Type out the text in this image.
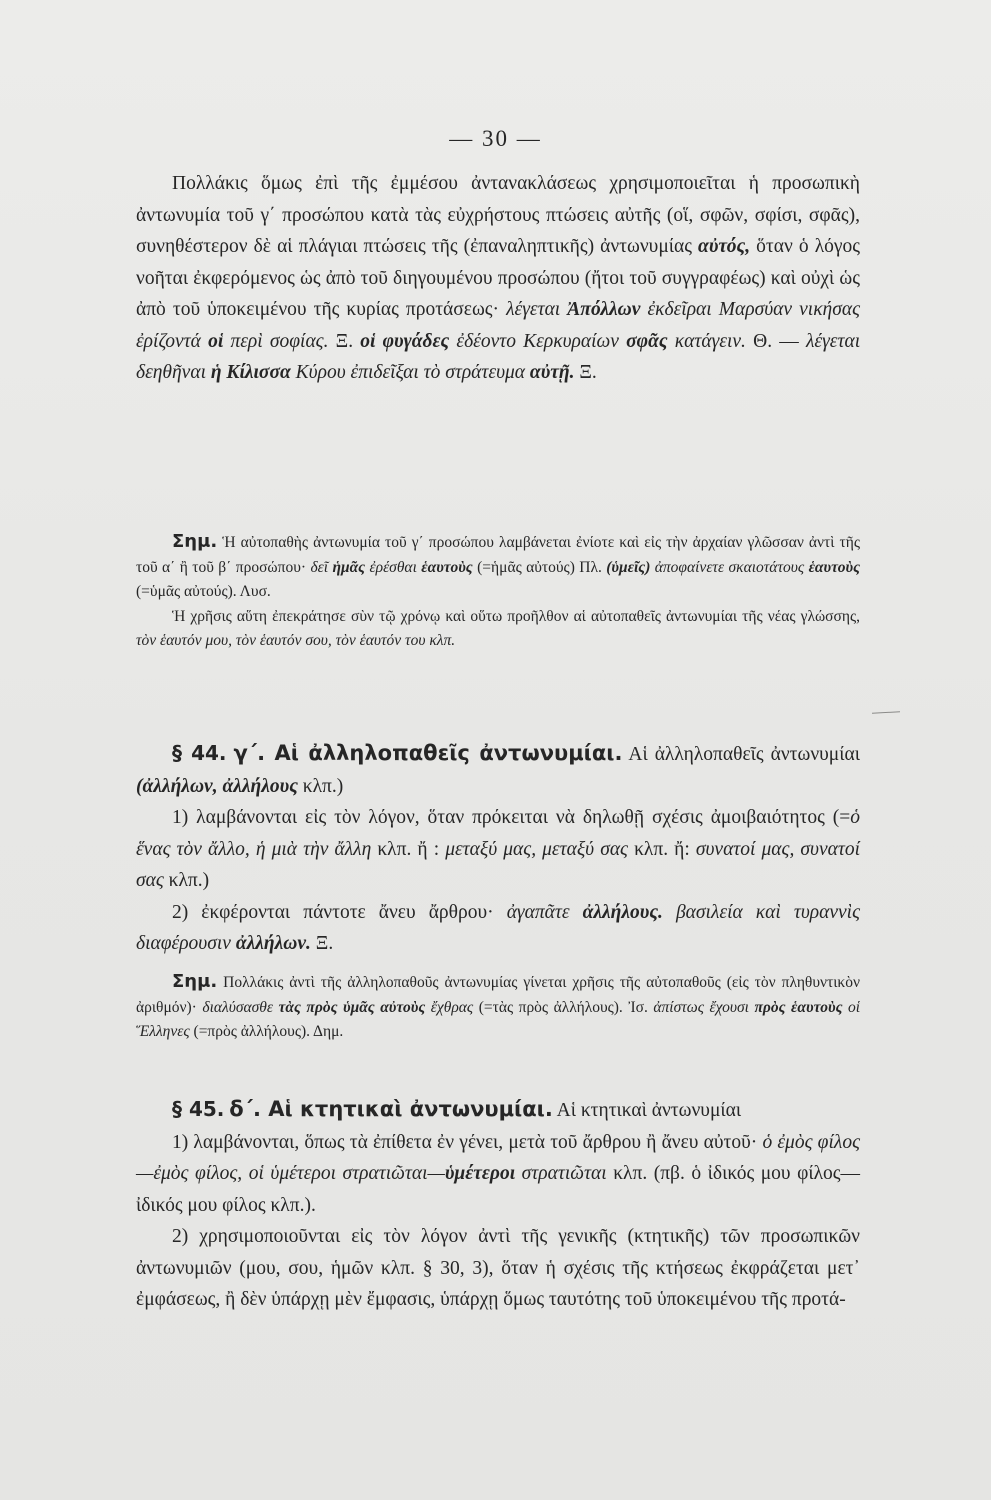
— 30 —

Πολλάκις ὅμως ἐπὶ τῆς ἐμμέσου ἀντανακλάσεως χρησιμοποιεῖται ἡ προσωπικὴ ἀντωνυμία τοῦ γ΄ προσώπου κατὰ τὰς εὐχρήστους πτώσεις αὐτῆς (οἵ, σφῶν, σφίσι, σφᾶς), συνηθέστερον δὲ αἱ πλάγιαι πτώσεις τῆς (ἐπαναληπτικῆς) ἀντωνυμίας αὐτός, ὅταν ὁ λόγος νοῆται ἐκφερόμενος ὡς ἀπὸ τοῦ διηγουμένου προσώπου (ἤτοι τοῦ συγγραφέως) καὶ οὐχὶ ὡς ἀπὸ τοῦ ὑποκειμένου τῆς κυρίας προτάσεως· λέγεται Ἀπόλλων ἐκδεῖραι Μαρσύαν νικήσας ἐρίζοντά οἱ περὶ σοφίας. Ξ. οἱ φυγάδες ἐδέοντο Κερκυραίων σφᾶς κατάγειν. Θ. — λέγεται δεηθῆναι ἡ Κίλισσα Κύρου ἐπιδεῖξαι τὸ στράτευμα αὐτῇ. Ξ.

Σημ. Ἡ αὐτοπαθὴς ἀντωνυμία τοῦ γ΄ προσώπου λαμβάνεται ἐνίοτε καὶ εἰς τὴν ἀρχαίαν γλῶσσαν ἀντὶ τῆς τοῦ α΄ ἢ τοῦ β΄ προσώπου· δεῖ ἡμᾶς ἐρέσθαι ἑαυτοὺς (=ἡμᾶς αὐτούς) Πλ. (ὑμεῖς) ἀποφαίνετε σκαιοτάτους ἑαυτοὺς (=ὑμᾶς αὐτούς). Λυσ.

Ἡ χρῆσις αὕτη ἐπεκράτησε σὺν τῷ χρόνῳ καὶ οὕτω προῆλθον αἱ αὐτοπαθεῖς ἀντωνυμίαι τῆς νέας γλώσσης, τὸν ἑαυτόν μου, τὸν ἑαυτόν σου, τὸν ἑαυτόν του κλπ.

§ 44. γ΄. Αἱ ἀλληλοπαθεῖς ἀντωνυμίαι. Αἱ ἀλληλοπαθεῖς ἀντωνυμίαι (ἀλλήλων, ἀλλήλους κλπ.)

1) λαμβάνονται εἰς τὸν λόγον, ὅταν πρόκειται νὰ δηλωθῇ σχέσις ἀμοιβαιότητος (=ὁ ἕνας τὸν ἄλλο, ἡ μιὰ τὴν ἄλλη κλπ. ἤ : μεταξύ μας, μεταξύ σας κλπ. ἤ: συνατοί μας, συνατοί σας κλπ.)

2) ἐκφέρονται πάντοτε ἄνευ ἄρθρου· ἀγαπᾶτε ἀλλήλους. βασιλεία καὶ τυραννὶς διαφέρουσιν ἀλλήλων. Ξ.

Σημ. Πολλάκις ἀντὶ τῆς ἀλληλοπαθοῦς ἀντωνυμίας γίνεται χρῆσις τῆς αὐτοπαθοῦς (εἰς τὸν πληθυντικὸν ἀριθμόν)· διαλύσασθε τὰς πρὸς ὑμᾶς αὐτοὺς ἔχθρας (=τὰς πρὸς ἀλλήλους). Ἰσ. ἀπίστως ἔχουσι πρὸς ἑαυτοὺς οἱ Ἕλληνες (=πρὸς ἀλλήλους). Δημ.

§ 45. δ΄. Αἱ κτητικαὶ ἀντωνυμίαι. Αἱ κτητικαὶ ἀντωνυμίαι

1) λαμβάνονται, ὅπως τὰ ἐπίθετα ἐν γένει, μετὰ τοῦ ἄρθρου ἢ ἄνευ αὐτοῦ· ὁ ἐμὸς φίλος—ἐμὸς φίλος, οἱ ὑμέτεροι στρατιῶται—ὑμέτεροι στρατιῶται κλπ. (πβ. ὁ ἰδικός μου φίλος—ἰδικός μου φίλος κλπ.).

2) χρησιμοποιοῦνται εἰς τὸν λόγον ἀντὶ τῆς γενικῆς (κτητικῆς) τῶν προσωπικῶν ἀντωνυμιῶν (μου, σου, ἡμῶν κλπ. § 30, 3), ὅταν ἡ σχέσις τῆς κτήσεως ἐκφράζεται μετ᾽ ἐμφάσεως, ἢ δὲν ὑπάρχῃ μὲν ἔμφασις, ὑπάρχῃ ὅμως ταυτότης τοῦ ὑποκειμένου τῆς προτά-
